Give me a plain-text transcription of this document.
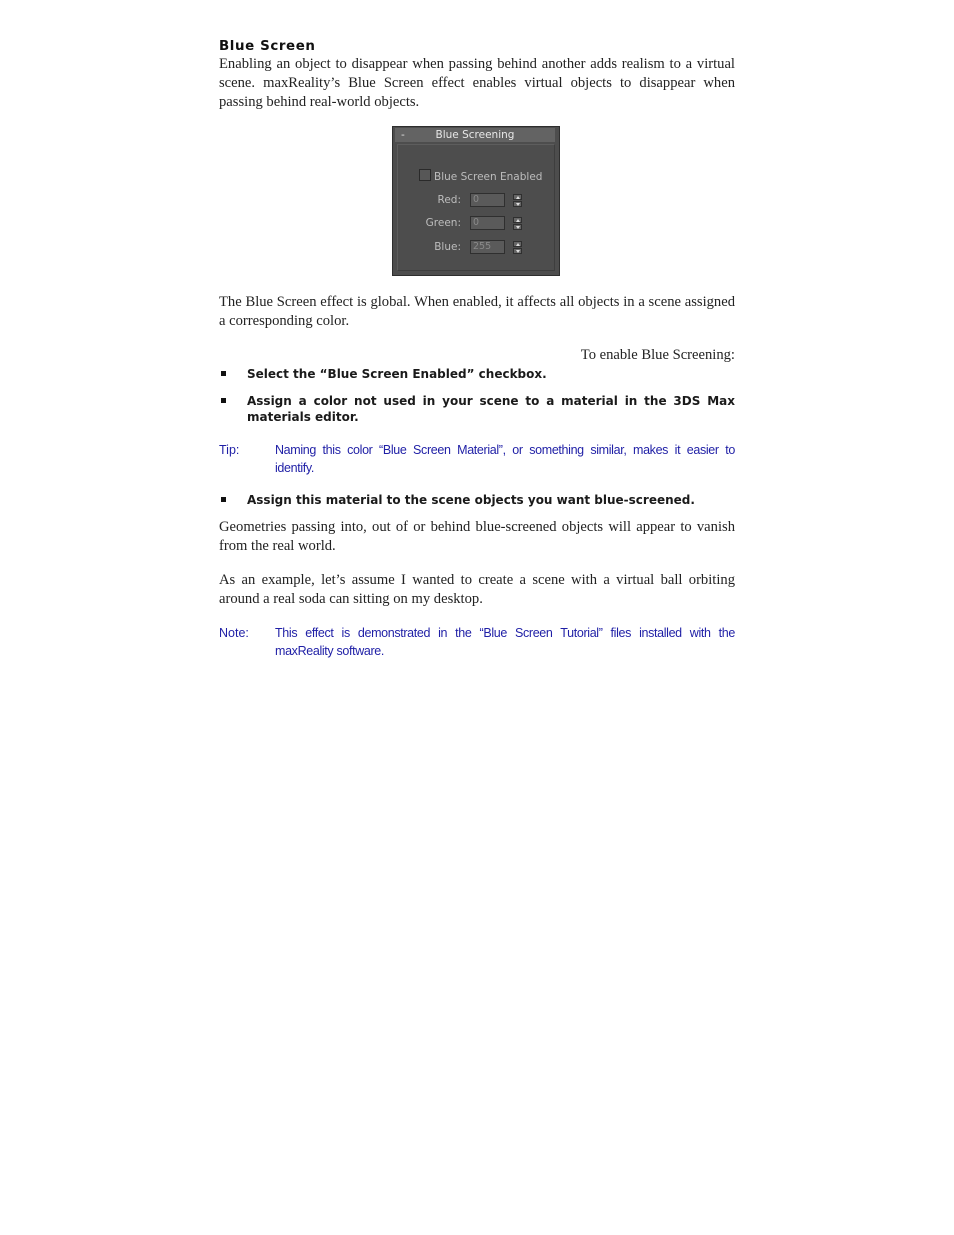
Blue Screen

Enabling an object to disappear when passing behind another adds realism to a virtual scene. maxReality’s Blue Screen effect enables virtual objects to disappear when passing behind real-world objects.

-	Blue Screening
Blue Screen Enabled
Red:	0
Green:	0
Blue:	255

The Blue Screen effect is global. When enabled, it affects all objects in a scene assigned a corresponding color.

To enable Blue Screening:

Select the “Blue Screen Enabled” checkbox.
Assign a color not used in your scene to a material in the 3DS Max materials editor.
Tip:	Naming this color “Blue Screen Material”, or something similar, makes it easier to identify.
Assign this material to the scene objects you want blue-screened.

Geometries passing into, out of or behind blue-screened objects will appear to vanish from the real world.

As an example, let’s assume I wanted to create a scene with a virtual ball orbiting around a real soda can sitting on my desktop.

Note: This effect is demonstrated in the “Blue Screen Tutorial” files installed with the maxReality software.
